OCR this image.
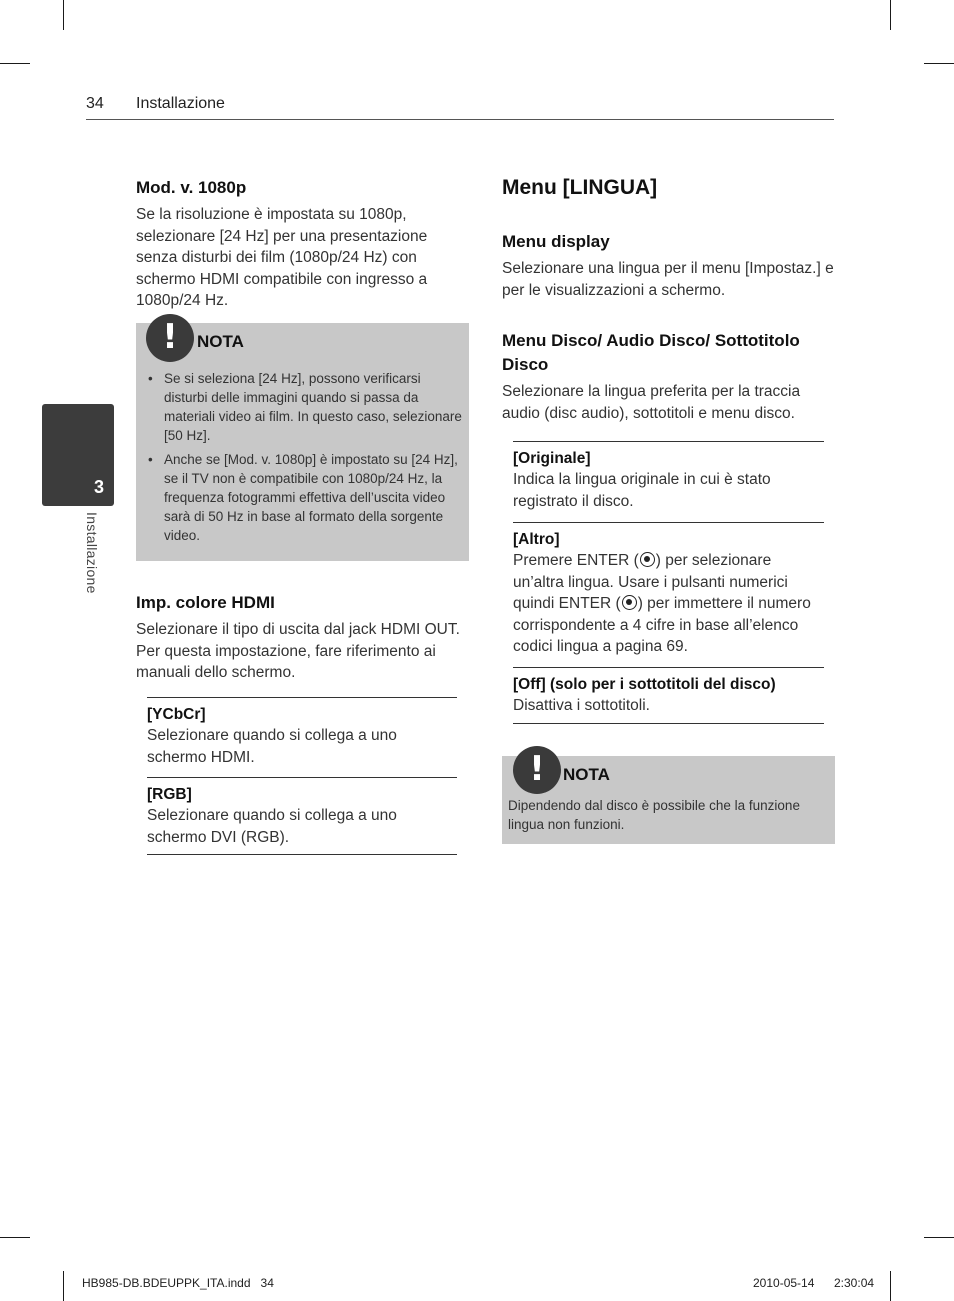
34 Installazione
3
Installazione
Mod. v. 1080p

Se la risoluzione è impostata su 1080p, selezionare [24 Hz] per una presentazione senza disturbi dei film (1080p/24 Hz) con schermo HDMI compatibile con ingresso a 1080p/24 Hz.

!	NOTA
• Se si seleziona [24 Hz], possono verificarsi disturbi delle immagini quando si passa da materiali video ai film. In questo caso, selezionare [50 Hz].
• Anche se [Mod. v. 1080p] è impostato su [24 Hz], se il TV non è compatibile con 1080p/24 Hz, la frequenza fotogrammi effettiva dell’uscita video sarà di 50 Hz in base al formato della sorgente video.
Imp. colore HDMI

Selezionare il tipo di uscita dal jack HDMI OUT. Per questa impostazione, fare riferimento ai manuali dello schermo.

[YCbCr]
Selezionare quando si collega a uno schermo HDMI.
[RGB]
Selezionare quando si collega a uno schermo DVI (RGB).
Menu [LINGUA]
Menu display

Selezionare una lingua per il menu [Impostaz.] e per le visualizzazioni a schermo.

Menu Disco/ Audio Disco/ Sottotitolo Disco

Selezionare la lingua preferita per la traccia audio (disc audio), sottotitoli e menu disco.

[Originale]
Indica la lingua originale in cui è stato registrato il disco.
[Altro]
Premere ENTER ( ) per selezionare un’altra lingua. Usare i pulsanti numerici quindi ENTER ( ) per immettere il numero corrispondente a 4 cifre in base all’elenco codici lingua a pagina 69.
[Off] (solo per i sottotitoli del disco)
Disattiva i sottotitoli.
!	NOTA
Dipendendo dal disco è possibile che la funzione lingua non funzioni.
HB985-DB.BDEUPPK_ITA.indd   34	2010-05-14 2:30:04
